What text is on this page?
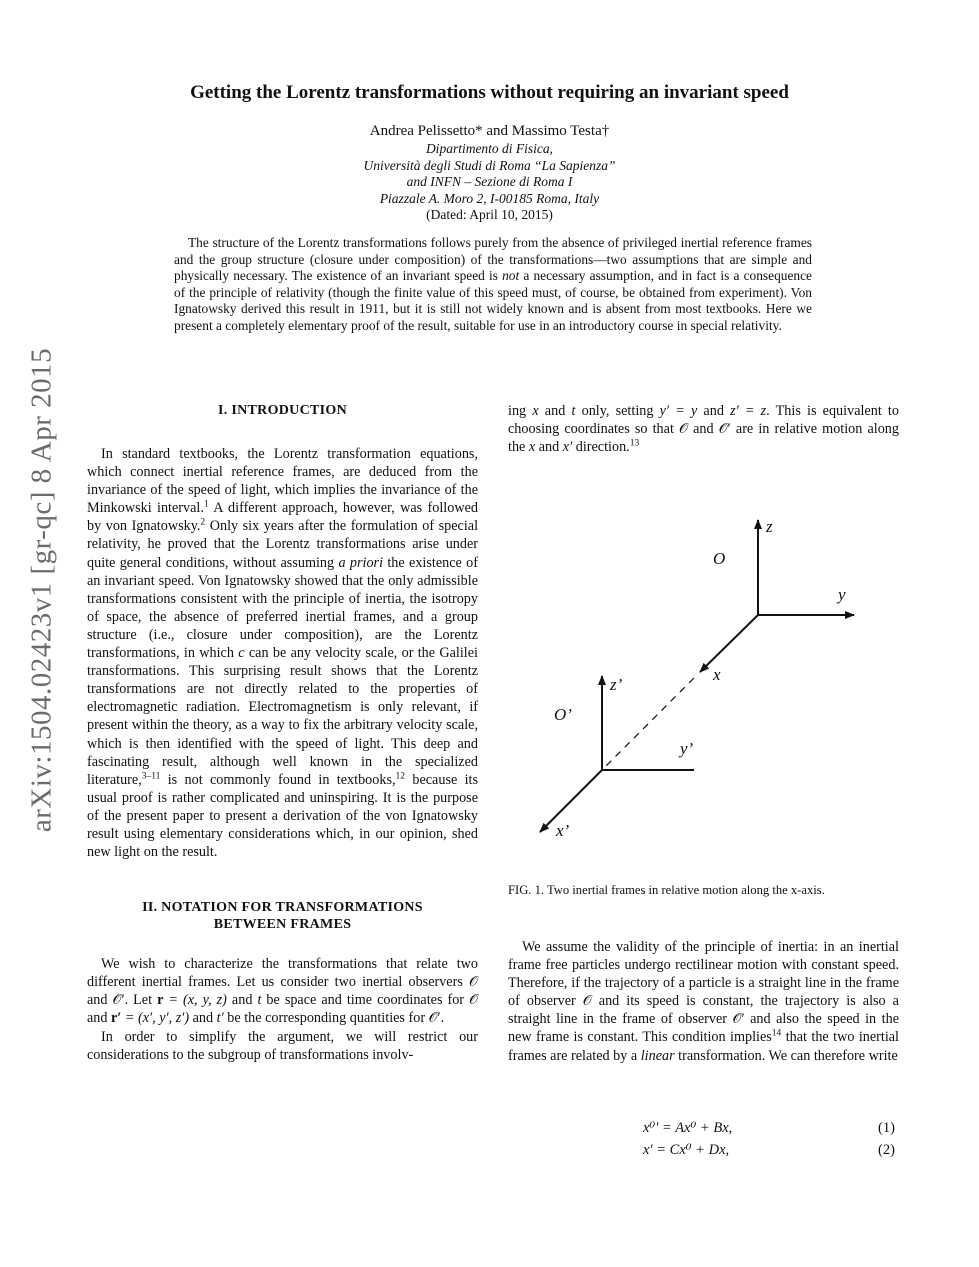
arXiv:1504.02423v1 [gr-qc] 8 Apr 2015
Getting the Lorentz transformations without requiring an invariant speed
Andrea Pelissetto* and Massimo Testa†
Dipartimento di Fisica,
Università degli Studi di Roma “La Sapienza”
and INFN – Sezione di Roma I
Piazzale A. Moro 2, I-00185 Roma, Italy
(Dated: April 10, 2015)
The structure of the Lorentz transformations follows purely from the absence of privileged inertial reference frames and the group structure (closure under composition) of the transformations—two assumptions that are simple and physically necessary. The existence of an invariant speed is not a necessary assumption, and in fact is a consequence of the principle of relativity (though the finite value of this speed must, of course, be obtained from experiment). Von Ignatowsky derived this result in 1911, but it is still not widely known and is absent from most textbooks. Here we present a completely elementary proof of the result, suitable for use in an introductory course in special relativity.
I. INTRODUCTION

In standard textbooks, the Lorentz transformation equations, which connect inertial reference frames, are deduced from the invariance of the speed of light, which implies the invariance of the Minkowski interval.$^1$ A different approach, however, was followed by von Ignatowsky.$^2$ Only six years after the formulation of special relativity, he proved that the Lorentz transformations arise under quite general conditions, without assuming a priori the existence of an invariant speed. Von Ignatowsky showed that the only admissible transformations consistent with the principle of inertia, the isotropy of space, the absence of preferred inertial frames, and a group structure (i.e., closure under composition), are the Lorentz transformations, in which c can be any velocity scale, or the Galilei transformations. This surprising result shows that the Lorentz transformations are not directly related to the properties of electromagnetic radiation. Electromagnetism is only relevant, if present within the theory, as a way to fix the arbitrary velocity scale, which is then identified with the speed of light. This deep and fascinating result, although well known in the specialized literature,$^{3-11}$ is not commonly found in textbooks,$^{12}$ because its usual proof is rather complicated and uninspiring. It is the purpose of the present paper to present a derivation of the von Ignatowsky result using elementary considerations which, in our opinion, shed new light on the result.

II. NOTATION FOR TRANSFORMATIONS
BETWEEN FRAMES

We wish to characterize the transformations that relate two different inertial frames. Let us consider two inertial observers 𝒪 and 𝒪′. Let r = (x, y, z) and t be space and time coordinates for 𝒪 and r′ = (x′, y′, z′) and t′ be the corresponding quantities for 𝒪′.

In order to simplify the argument, we will restrict our considerations to the subgroup of transformations involv-

ing x and t only, setting y′ = y and z′ = z. This is equivalent to choosing coordinates so that 𝒪 and 𝒪′ are in relative motion along the x and x′ direction.$^{13}$

O
z
y
x
O’
z’
y’
x’
FIG. 1. Two inertial frames in relative motion along the x-axis.

We assume the validity of the principle of inertia: in an inertial frame free particles undergo rectilinear motion with constant speed. Therefore, if the trajectory of a particle is a straight line in the frame of observer 𝒪 and its speed is constant, the trajectory is also a straight line in the frame of observer 𝒪′ and also the speed in the new frame is constant. This condition implies$^{14}$ that the two inertial frames are related by a linear transformation. We can therefore write

x⁰′ = Ax⁰ + Bx,	(1)
x′ = Cx⁰ + Dx,	(2)
